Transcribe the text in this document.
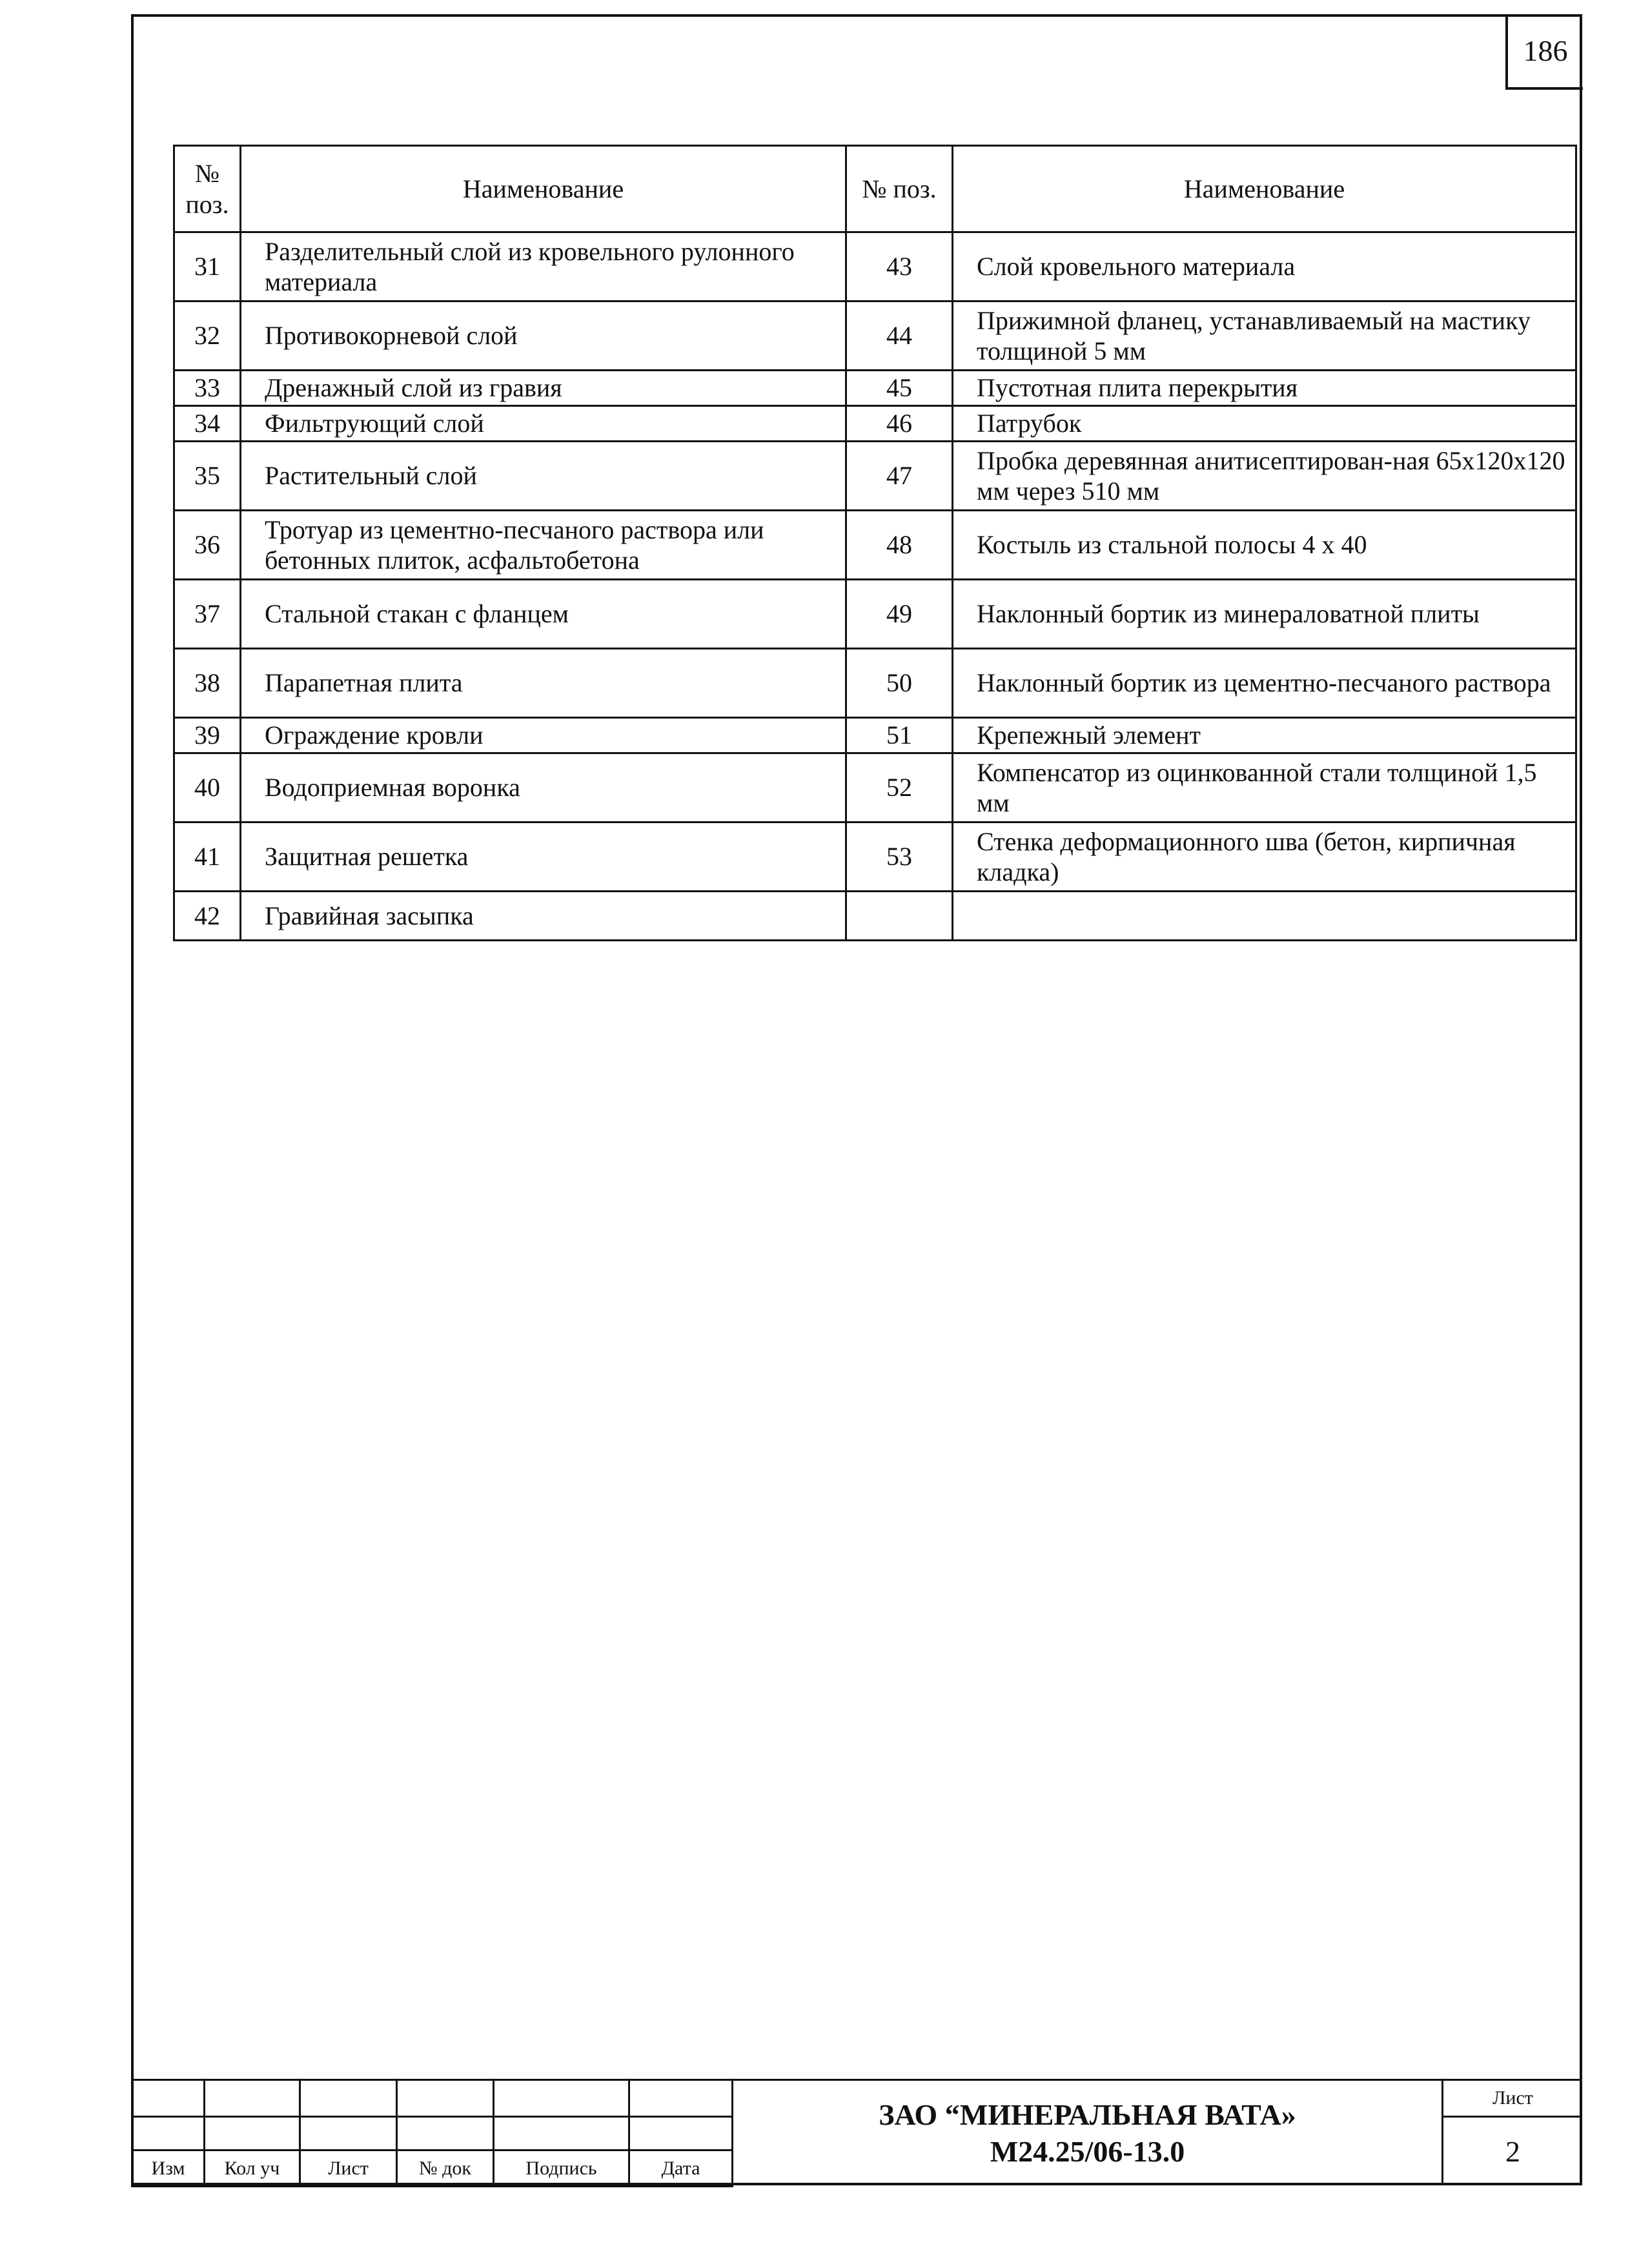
186
№ поз.	Наименование	№ поз.	Наименование
31	Разделительный слой из кровельного рулонного материала	43	Слой кровельного материала
32	Противокорневой слой	44	Прижимной фланец, устанавливаемый на мастику толщиной 5 мм
33	Дренажный слой из гравия	45	Пустотная плита перекрытия
34	Фильтрующий слой	46	Патрубок
35	Растительный слой	47	Пробка деревянная анитисептирован-ная 65х120х120 мм через 510 мм
36	Тротуар из цементно-песчаного раствора или бетонных плиток, асфальтобетона	48	Костыль из стальной полосы 4 х 40
37	Стальной стакан с фланцем	49	Наклонный бортик из минераловатной плиты
38	Парапетная плита	50	Наклонный бортик из цементно-песчаного раствора
39	Ограждение кровли	51	Крепежный элемент
40	Водоприемная воронка	52	Компенсатор из оцинкованной стали толщиной 1,5 мм
41	Защитная решетка	53	Стенка деформационного шва (бетон, кирпичная кладка)
42	Гравийная засыпка		

Изм	Кол уч	Лист	№ док	Подпись	Дата
ЗАО “МИНЕРАЛЬНАЯ ВАТА»
М24.25/06-13.0
Лист
2
